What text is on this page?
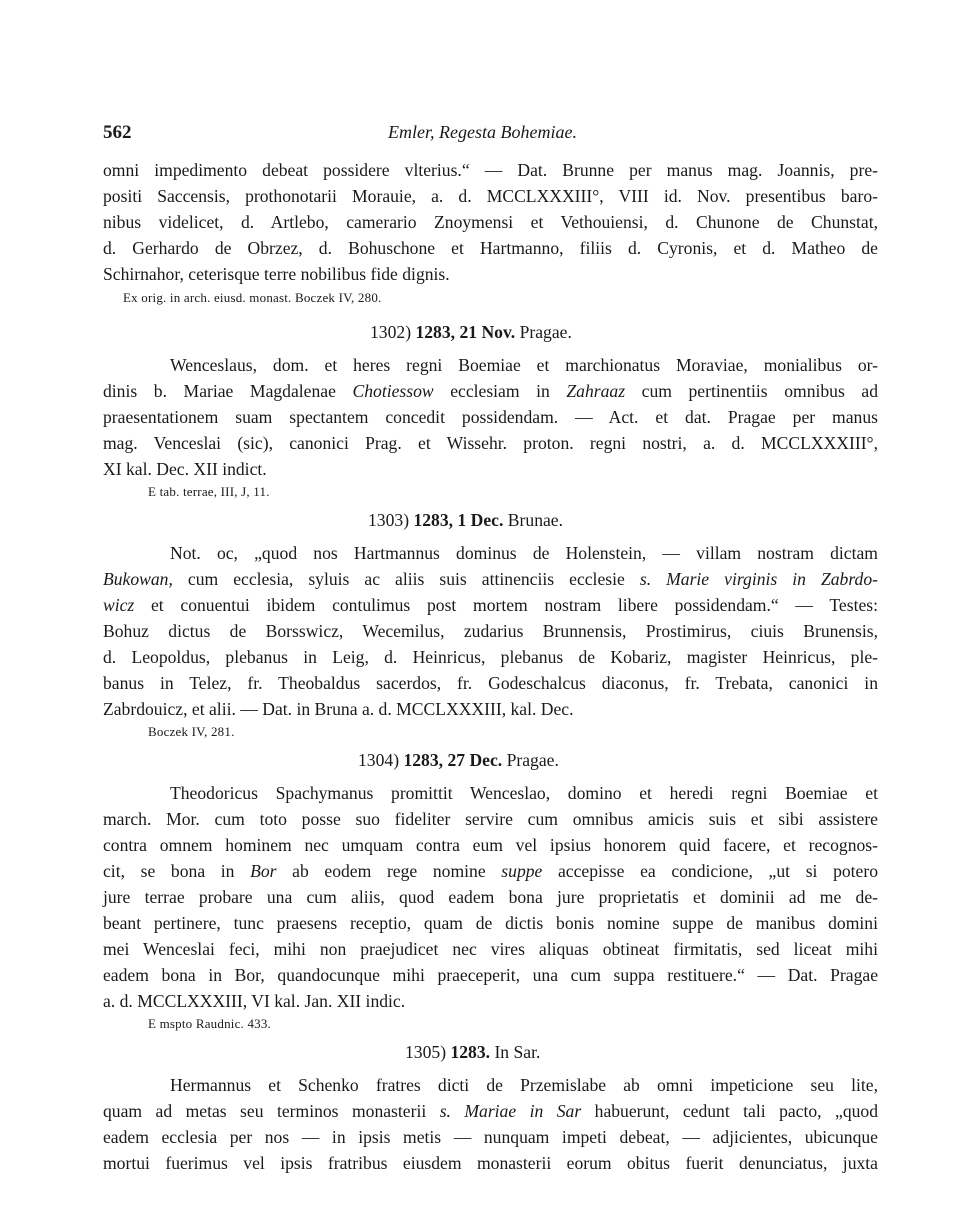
562	Emler, Regesta Bohemiae.
omni impedimento debeat possidere vlterius.“ — Dat. Brunne per manus mag. Joannis, pre-
positi Saccensis, prothonotarii Morauie, a. d. MCCLXXXIII°, VIII id. Nov. presentibus baro-
nibus videlicet, d. Artlebo, camerario Znoymensi et Vethouiensi, d. Chunone de Chunstat,
d. Gerhardo de Obrzez, d. Bohuschone et Hartmanno, filiis d. Cyronis, et d. Matheo de
Schirnahor, ceterisque terre nobilibus fide dignis.
Ex orig. in arch. eiusd. monast. Boczek IV, 280.
1302) 1283, 21 Nov. Pragae.
Wenceslaus, dom. et heres regni Boemiae et marchionatus Moraviae, monialibus or-
dinis b. Mariae Magdalenae Chotiessow ecclesiam in Zahraaz cum pertinentiis omnibus ad
praesentationem suam spectantem concedit possidendam. — Act. et dat. Pragae per manus
mag. Venceslai (sic), canonici Prag. et Wissehr. proton. regni nostri, a. d. MCCLXXXIII°,
XI kal. Dec. XII indict.
E tab. terrae, III, J, 11.
1303) 1283, 1 Dec. Brunae.
Not. oc, „quod nos Hartmannus dominus de Holenstein, — villam nostram dictam
Bukowan, cum ecclesia, syluis ac aliis suis attinenciis ecclesie s. Marie virginis in Zabrdo-
wicz et conuentui ibidem contulimus post mortem nostram libere possidendam.“ — Testes:
Bohuz dictus de Borsswicz, Wecemilus, zudarius Brunnensis, Prostimirus, ciuis Brunensis,
d. Leopoldus, plebanus in Leig, d. Heinricus, plebanus de Kobariz, magister Heinricus, ple-
banus in Telez, fr. Theobaldus sacerdos, fr. Godeschalcus diaconus, fr. Trebata, canonici in
Zabrdouicz, et alii. — Dat. in Bruna a. d. MCCLXXXIII, kal. Dec.
Boczek IV, 281.
1304) 1283, 27 Dec. Pragae.
Theodoricus Spachymanus promittit Wenceslao, domino et heredi regni Boemiae et
march. Mor. cum toto posse suo fideliter servire cum omnibus amicis suis et sibi assistere
contra omnem hominem nec umquam contra eum vel ipsius honorem quid facere, et recognos-
cit, se bona in Bor ab eodem rege nomine suppe accepisse ea condicione, „ut si potero
jure terrae probare una cum aliis, quod eadem bona jure proprietatis et dominii ad me de-
beant pertinere, tunc praesens receptio, quam de dictis bonis nomine suppe de manibus domini
mei Wenceslai feci, mihi non praejudicet nec vires aliquas obtineat firmitatis, sed liceat mihi
eadem bona in Bor, quandocunque mihi praeceperit, una cum suppa restituere.“ — Dat. Pragae
a. d. MCCLXXXIII, VI kal. Jan. XII indic.
E mspto Raudnic. 433.
1305) 1283. In Sar.
Hermannus et Schenko fratres dicti de Przemislabe ab omni impeticione seu lite,
quam ad metas seu terminos monasterii s. Mariae in Sar habuerunt, cedunt tali pacto, „quod
eadem ecclesia per nos — in ipsis metis — nunquam impeti debeat, — adjicientes, ubicunque
mortui fuerimus vel ipsis fratribus eiusdem monasterii eorum obitus fuerit denunciatus, juxta
